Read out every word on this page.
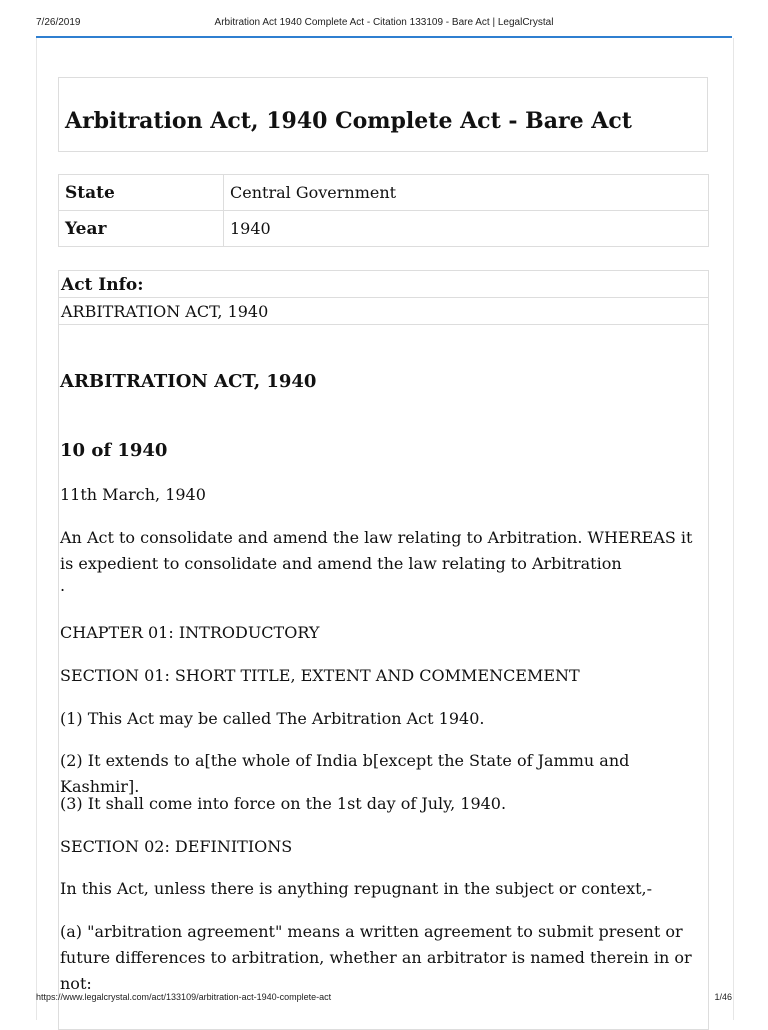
7/26/2019	Arbitration Act 1940 Complete Act - Citation 133109 - Bare Act | LegalCrystal
Arbitration Act, 1940 Complete Act - Bare Act
State	Central Government
Year	1940
Act Info:
ARBITRATION ACT, 1940

ARBITRATION ACT, 1940

10 of 1940

11th March, 1940

An Act to consolidate and amend the law relating to Arbitration. WHEREAS it is expedient to consolidate and amend the law relating to Arbitration

.

CHAPTER 01: INTRODUCTORY

SECTION 01: SHORT TITLE, EXTENT AND COMMENCEMENT

(1) This Act may be called The Arbitration Act 1940.

(2) It extends to a[the whole of India b[except the State of Jammu and Kashmir].

(3) It shall come into force on the 1st day of July, 1940.

SECTION 02: DEFINITIONS

In this Act, unless there is anything repugnant in the subject or context,-

(a) "arbitration agreement" means a written agreement to submit present or future differences to arbitration, whether an arbitrator is named therein in or not:

https://www.legalcrystal.com/act/133109/arbitration-act-1940-complete-act	1/46
